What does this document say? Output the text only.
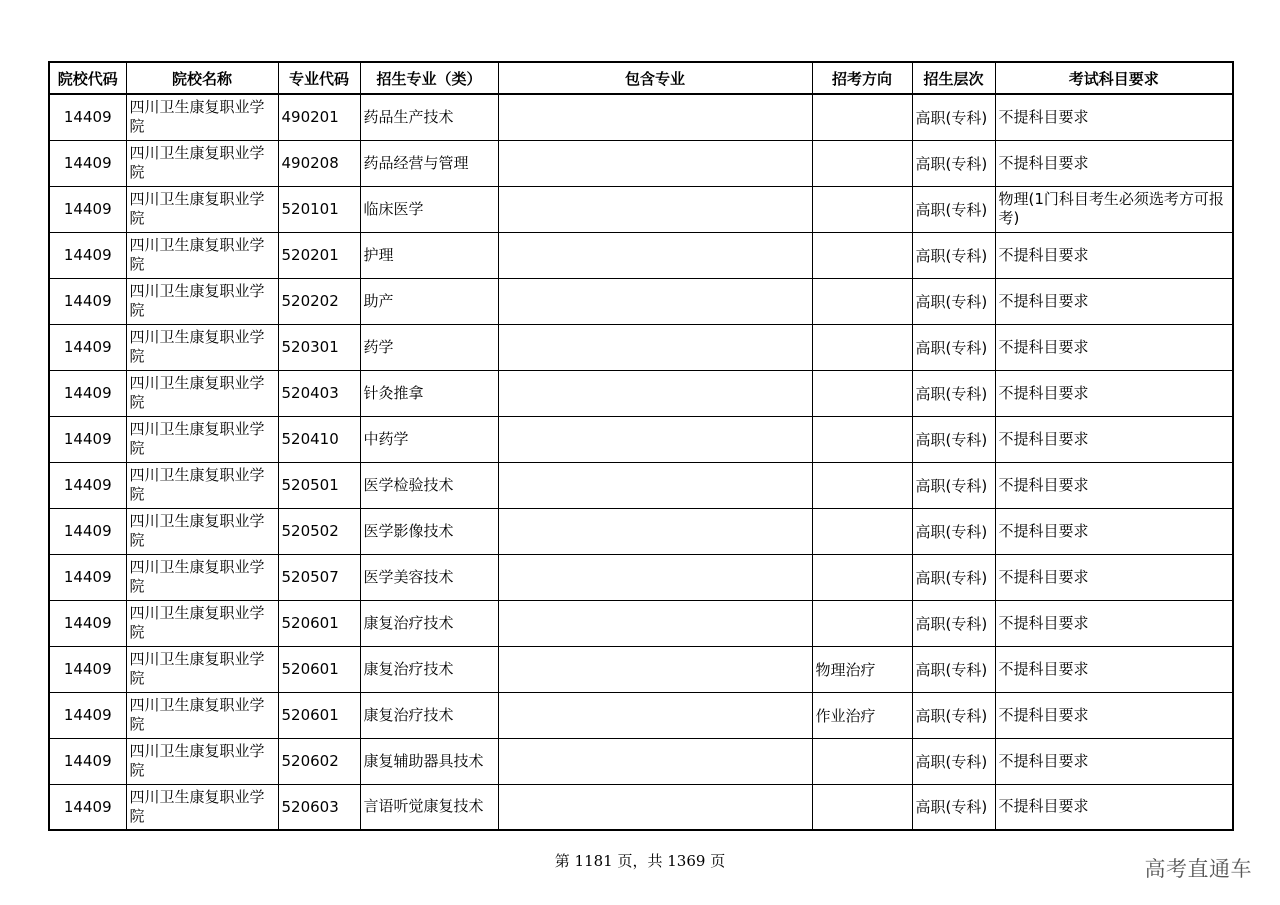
院校代码	院校名称	专业代码	招生专业（类）	包含专业	招考方向	招生层次	考试科目要求
14409	四川卫生康复职业学院	490201	药品生产技术			高职(专科)	不提科目要求
14409	四川卫生康复职业学院	490208	药品经营与管理			高职(专科)	不提科目要求
14409	四川卫生康复职业学院	520101	临床医学			高职(专科)	物理(1门科目考生必须选考方可报考)
14409	四川卫生康复职业学院	520201	护理			高职(专科)	不提科目要求
14409	四川卫生康复职业学院	520202	助产			高职(专科)	不提科目要求
14409	四川卫生康复职业学院	520301	药学			高职(专科)	不提科目要求
14409	四川卫生康复职业学院	520403	针灸推拿			高职(专科)	不提科目要求
14409	四川卫生康复职业学院	520410	中药学			高职(专科)	不提科目要求
14409	四川卫生康复职业学院	520501	医学检验技术			高职(专科)	不提科目要求
14409	四川卫生康复职业学院	520502	医学影像技术			高职(专科)	不提科目要求
14409	四川卫生康复职业学院	520507	医学美容技术			高职(专科)	不提科目要求
14409	四川卫生康复职业学院	520601	康复治疗技术			高职(专科)	不提科目要求
14409	四川卫生康复职业学院	520601	康复治疗技术		物理治疗	高职(专科)	不提科目要求
14409	四川卫生康复职业学院	520601	康复治疗技术		作业治疗	高职(专科)	不提科目要求
14409	四川卫生康复职业学院	520602	康复辅助器具技术			高职(专科)	不提科目要求
14409	四川卫生康复职业学院	520603	言语听觉康复技术			高职(专科)	不提科目要求
第 1181 页，共 1369 页	高考直通车
